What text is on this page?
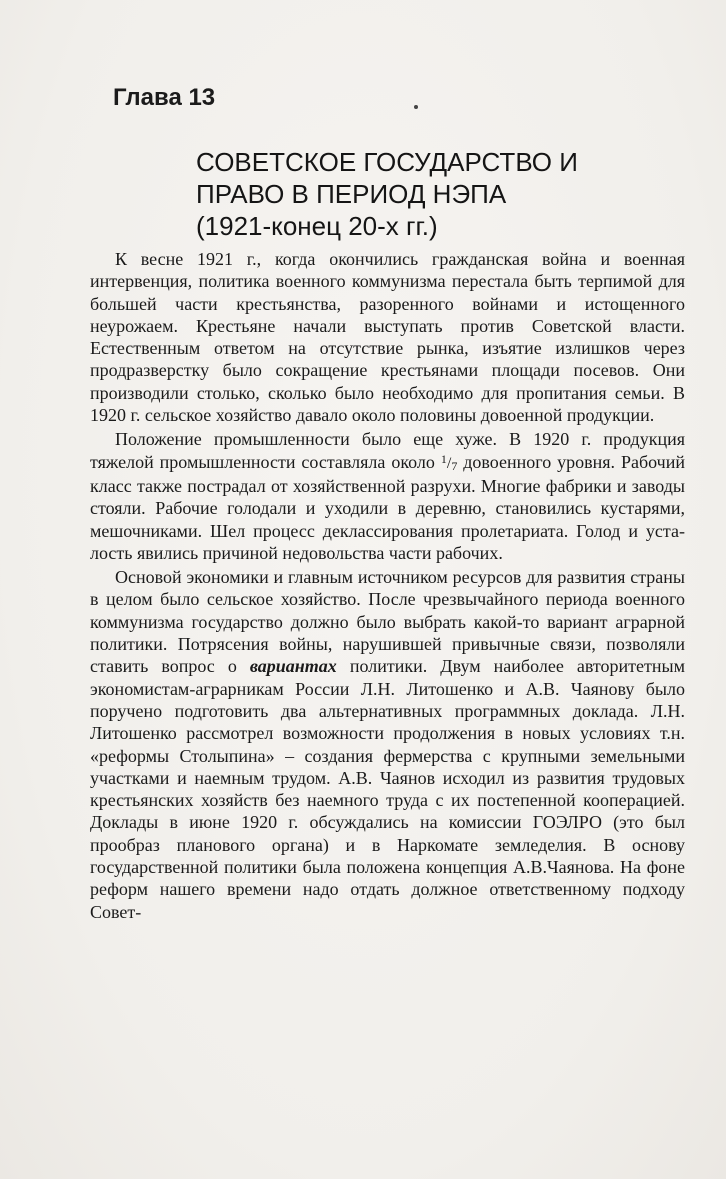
Глава 13
СОВЕТСКОЕ ГОСУДАРСТВО И
ПРАВО В ПЕРИОД НЭПА
(1921-конец 20-х гг.)

К весне 1921 г., когда окончились гражданская война и военная интервенция, политика военного коммунизма перестала быть терпимой для большей части крестьянства, разоренного войнами и истощенного неурожаем. Крестьяне начали выступать против Советской власти. Естественным ответом на отсутствие рынка, изъятие излишков через продразверстку было сокращение крестьянами площади посевов. Они производили столько, сколько было необходимо для пропитания семьи. В 1920 г. сельское хозяйство давало около половины довоенной продукции.

Положение промышленности было еще хуже. В 1920 г. продукция тяжелой промышленности составляла около $^1$/7 довоенного уровня. Рабочий класс также пострадал от хозяйственной разрухи. Многие фабрики и заводы стояли. Рабочие голодали и уходили в деревню, становились кустарями, мешочниками. Шел процесс деклассирования пролетариата. Голод и усталость явились причиной недовольства части рабочих.

Основой экономики и главным источником ресурсов для развития страны в целом было сельское хозяйство. После чрезвычайного периода военного коммунизма государство должно было выбрать какой-то вариант аграрной политики. Потрясения войны, нарушившей привычные связи, позволяли ставить вопрос о вариантах политики. Двум наиболее авторитетным экономистам-аграрникам России Л.Н. Литошенко и А.В. Чаянову было поручено подготовить два альтернативных программных доклада. Л.Н. Литошенко рассмотрел возможности продолжения в новых условиях т.н. «реформы Столыпина» – создания фермерства с крупными земельными участками и наемным трудом. А.В. Чаянов исходил из развития трудовых крестьянских хозяйств без наемного труда с их постепенной кооперацией. Доклады в июне 1920 г. обсуждались на комиссии ГОЭЛРО (это был прообраз планового органа) и в Наркомате земледелия. В основу государственной политики была положена концепция А.В.Чаянова. На фоне реформ нашего времени надо отдать должное ответственному подходу Совет-
